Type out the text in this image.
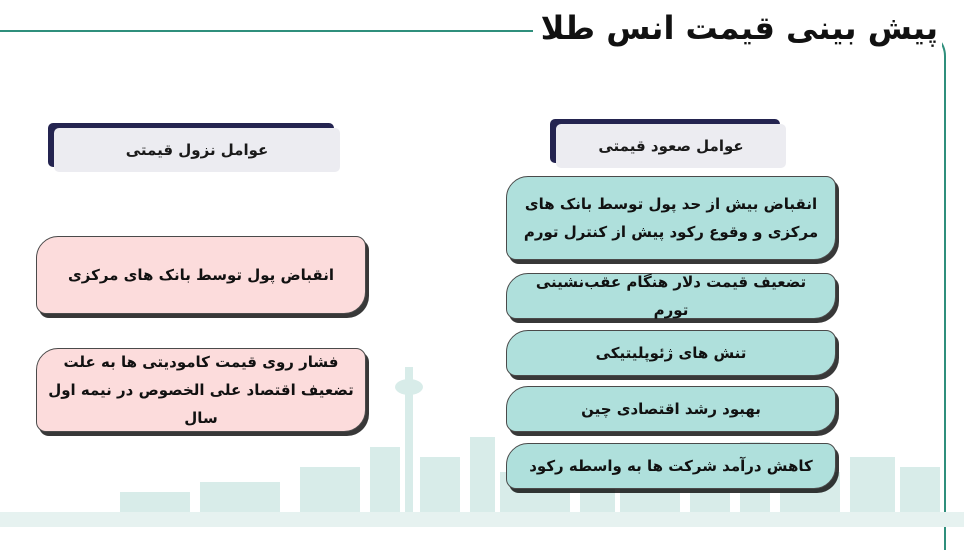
پیش بینی قیمت انس طلا
عوامل صعود قیمتی
عوامل نزول قیمتی
انقباض بیش از حد پول توسط بانک های مرکزی و وقوع رکود پیش از کنترل تورم
تضعیف قیمت دلار هنگام عقب‌نشینی تورم
تنش های ژئوپلیتیکی
بهبود رشد اقتصادی چین
کاهش درآمد شرکت ها به واسطه رکود
انقباض پول توسط بانک های مرکزی
فشار روی قیمت کامودیتی ها به علت تضعیف اقتصاد علی الخصوص در نیمه اول سال
